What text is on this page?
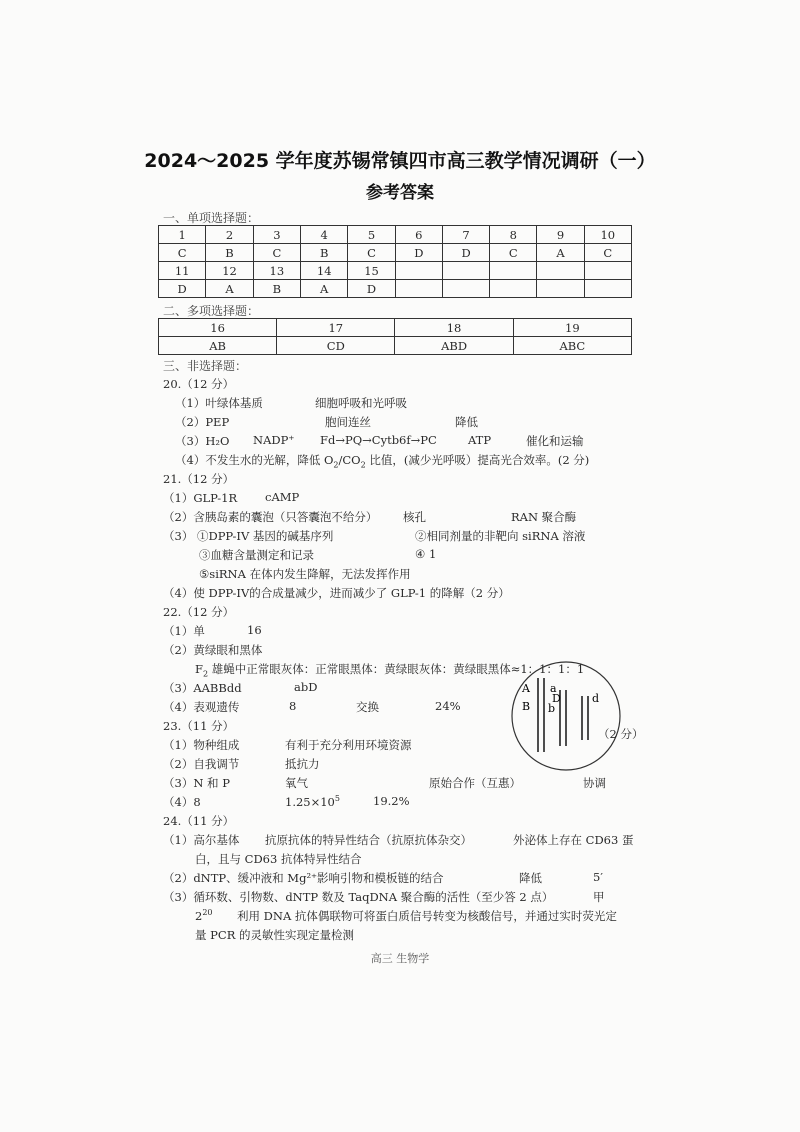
2024～2025 学年度苏锡常镇四市高三教学情况调研（一）
参考答案
一、单项选择题：
1	2	3	4	5	6	7	8	9	10
C	B	C	B	C	D	D	C	A	C
11	12	13	14	15					
D	A	B	A	D					
二、多项选择题：
16	17	18	19
AB	CD	ABD	ABC
三、非选择题：
20.（12 分）
（1）叶绿体基质	细胞呼吸和光呼吸
（2）PEP	胞间连丝	降低
（3）H₂O NADP⁺ Fd→PQ→Cytb6f→PC	ATP	催化和运输
（4）不发生水的光解，降低 $O_2/CO_2$ 比值，(减少光呼吸）提高光合效率。(2 分)
21.（12 分）
（1）GLP-1R cAMP
（2）含胰岛素的囊泡（只答囊泡不给分） 核孔	RAN 聚合酶
（3） ①DPP-IV 基因的碱基序列	②相同剂量的非靶向 siRNA 溶液
③血糖含量测定和记录	④ 1
⑤siRNA 在体内发生降解，无法发挥作用
（4）使 DPP-IV的合成量减少，进而减少了 GLP-1 的降解（2 分）
22.（12 分）
（1）单	16
（2）黄绿眼和黑体
$F_2$ 雄蝇中正常眼灰体：正常眼黑体：黄绿眼灰体：黄绿眼黑体≈1：1：1：1
（3）AABBdd	abD
（4）表观遗传	8	交换	24%
A a
B b
D	d
（2 分）
23.（11 分）
（1）物种组成	有利于充分利用环境资源
（2）自我调节	抵抗力
（3）N 和 P	氧气	原始合作（互惠）	协调
（4）8	$1.25\times 10^5$	19.2%
24.（11 分）
（1）高尔基体 抗原抗体的特异性结合（抗原抗体杂交）	外泌体上存在 CD63 蛋
白，且与 CD63 抗体特异性结合
（2）dNTP、缓冲液和 Mg²⁺ 影响引物和模板链的结合	降低	5′
（3）循环数、引物数、dNTP 数及 TaqDNA 聚合酶的活性（至少答 2 点）	甲
$2^{20}$ 利用 DNA 抗体偶联物可将蛋白质信号转变为核酸信号，并通过实时荧光定
量 PCR 的灵敏性实现定量检测
高三 生物学
